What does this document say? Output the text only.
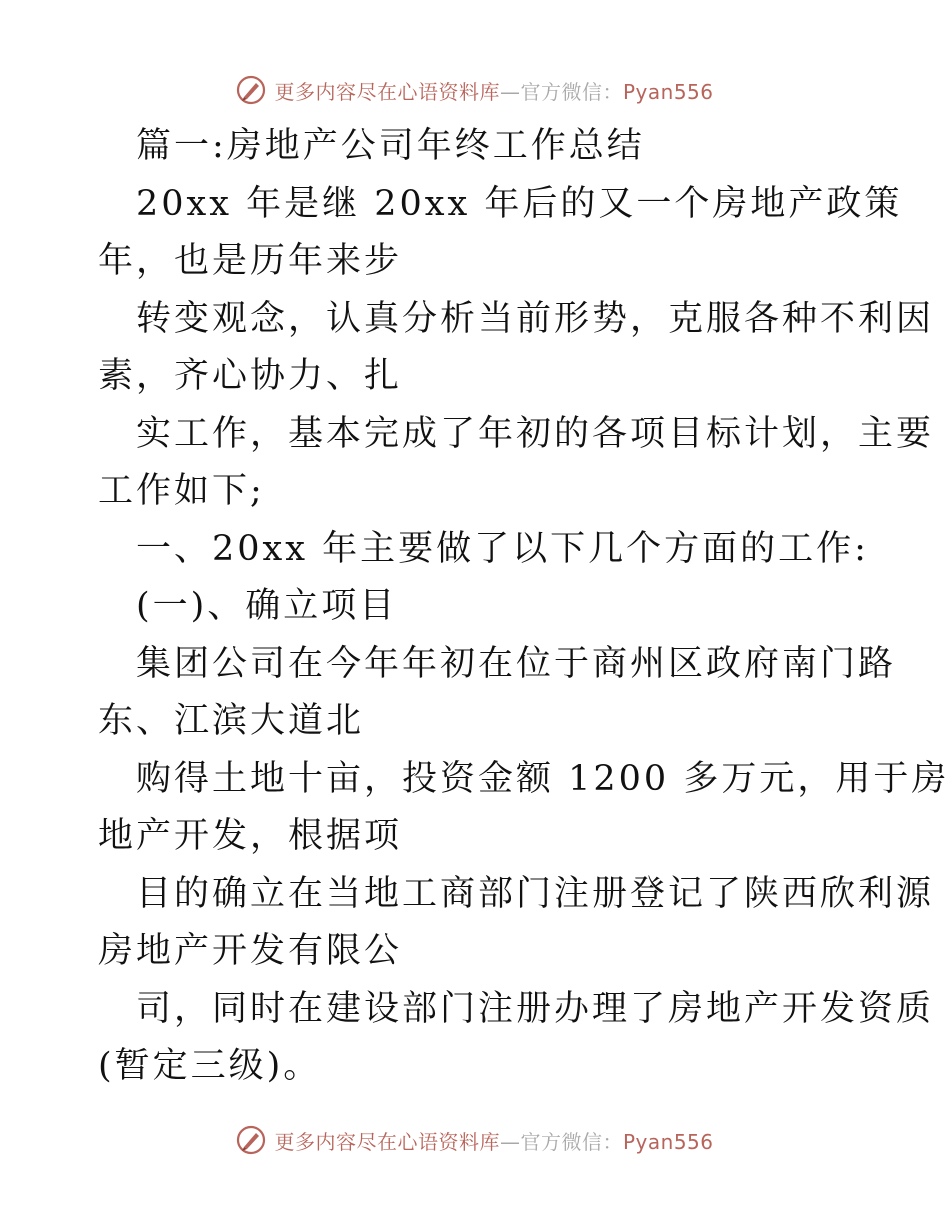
更多内容尽在心语资料库—官方微信：Pyan556
篇一:房地产公司年终工作总结
20xx 年是继 20xx 年后的又一个房地产政策
年，也是历年来步
转变观念，认真分析当前形势，克服各种不利因
素，齐心协力、扎
实工作，基本完成了年初的各项目标计划，主要
工作如下;
一、20xx 年主要做了以下几个方面的工作:
(一)、确立项目
集团公司在今年年初在位于商州区政府南门路
东、江滨大道北
购得土地十亩，投资金额 1200 多万元，用于房
地产开发，根据项
目的确立在当地工商部门注册登记了陕西欣利源
房地产开发有限公
司，同时在建设部门注册办理了房地产开发资质
(暂定三级)。
更多内容尽在心语资料库—官方微信：Pyan556
